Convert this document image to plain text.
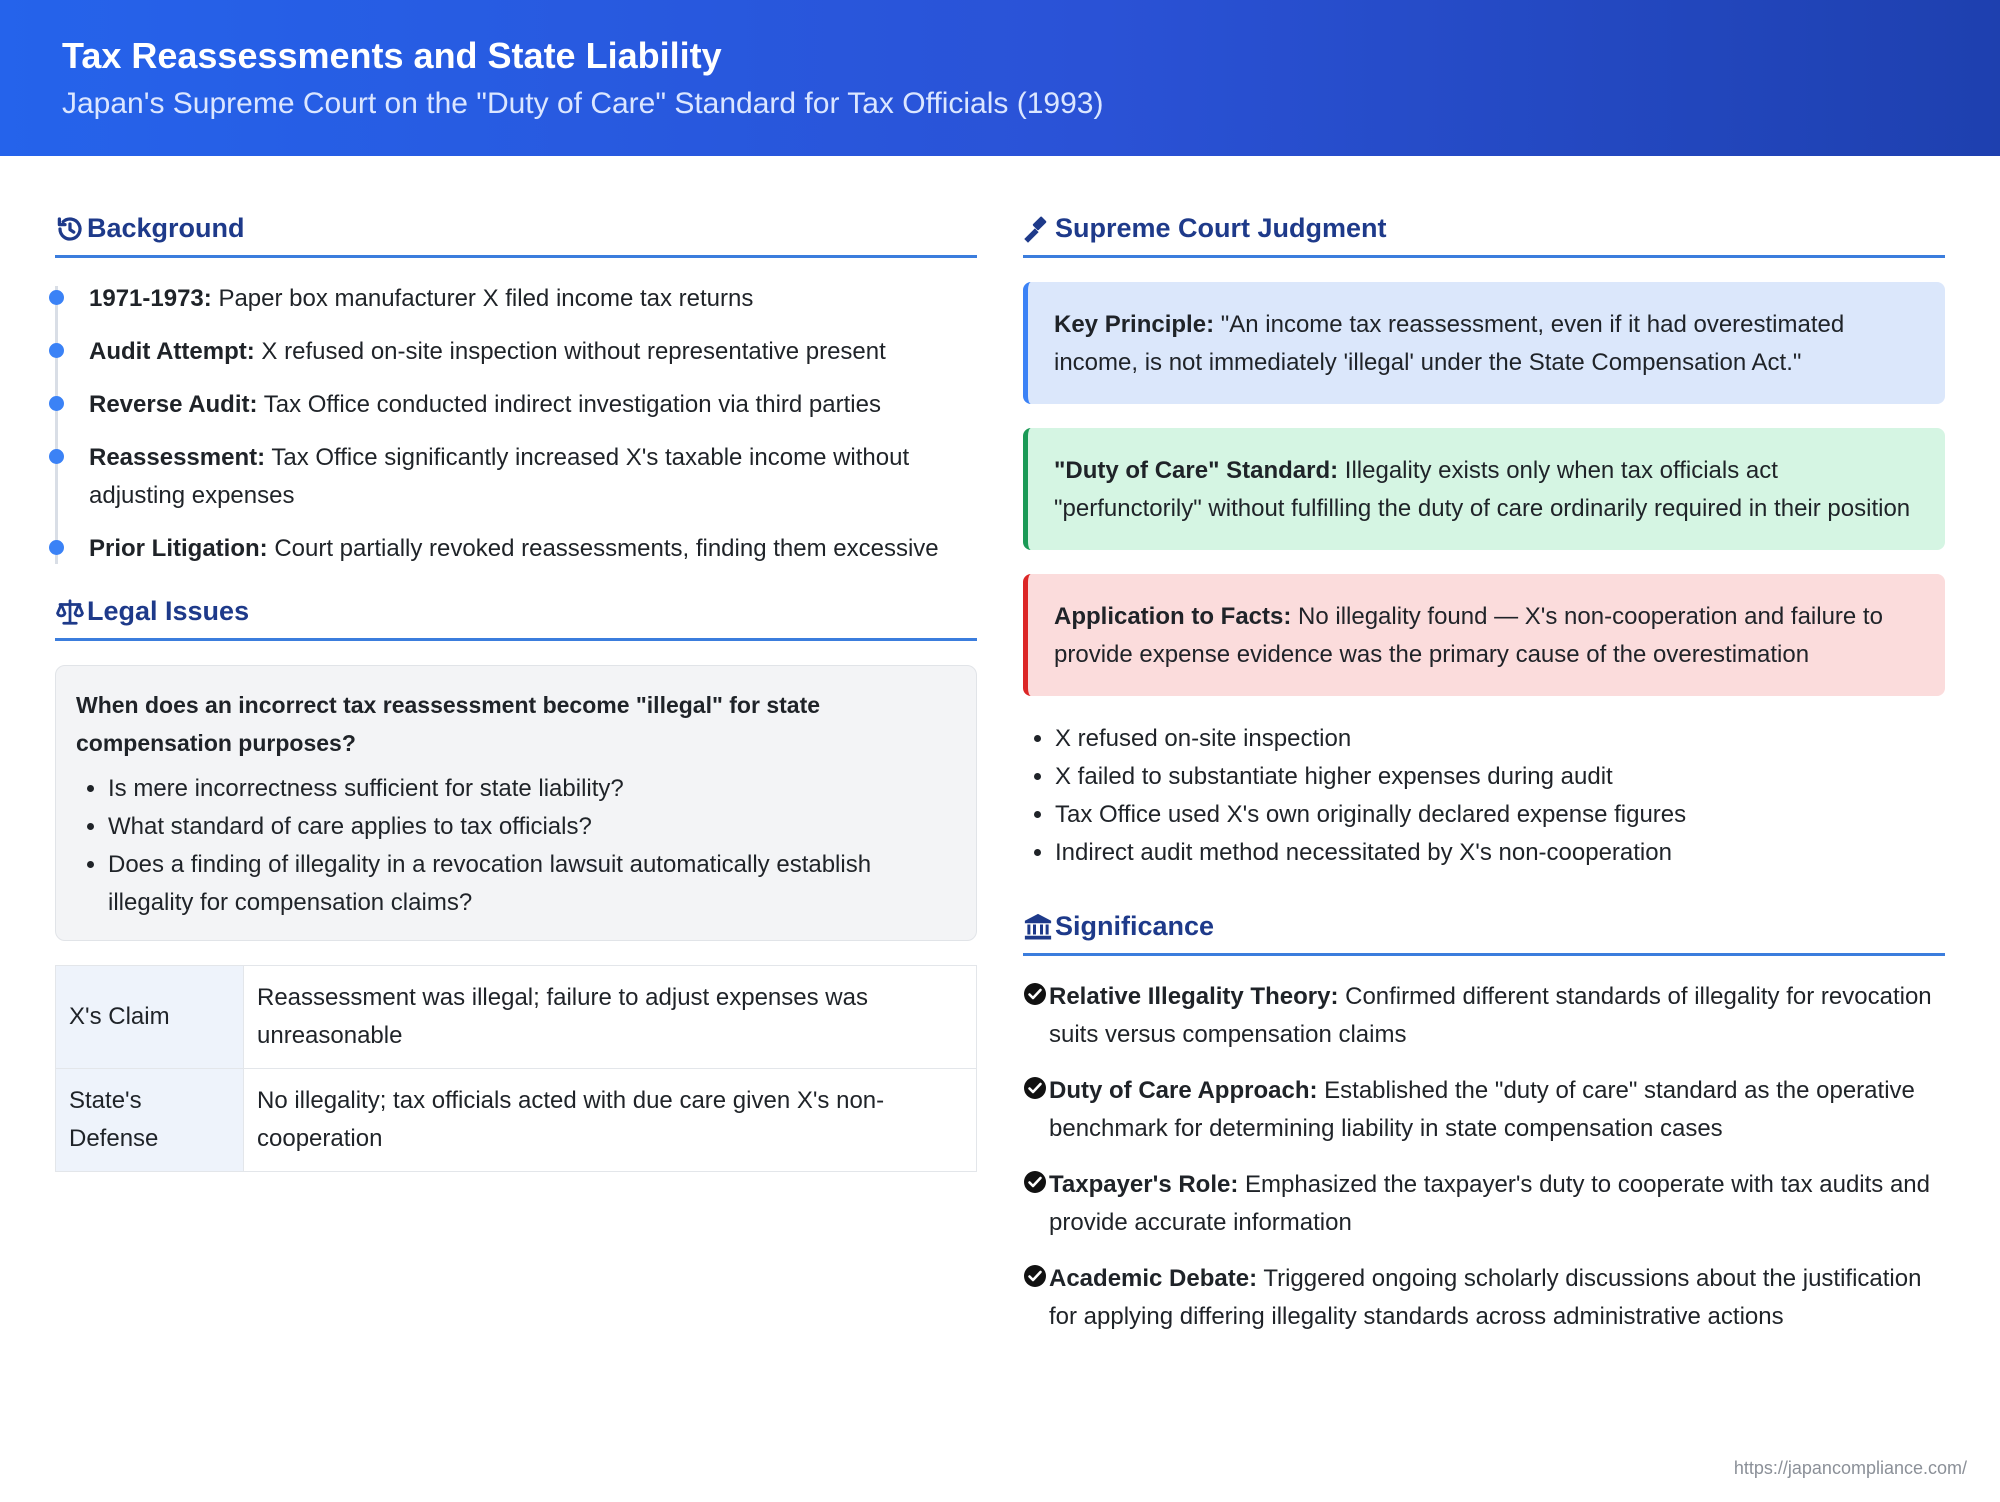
Tax Reassessments and State Liability
Japan's Supreme Court on the "Duty of Care" Standard for Tax Officials (1993)
Background
1971-1973: Paper box manufacturer X filed income tax returns
Audit Attempt: X refused on-site inspection without representative present
Reverse Audit: Tax Office conducted indirect investigation via third parties
Reassessment: Tax Office significantly increased X's taxable income without adjusting expenses
Prior Litigation: Court partially revoked reassessments, finding them excessive
Legal Issues
When does an incorrect tax reassessment become "illegal" for state compensation purposes?
• Is mere incorrectness sufficient for state liability?
• What standard of care applies to tax officials?
• Does a finding of illegality in a revocation lawsuit automatically establish illegality for compensation claims?
X's Claim	Reassessment was illegal; failure to adjust expenses was unreasonable
State's Defense	No illegality; tax officials acted with due care given X's non-cooperation
Supreme Court Judgment
Key Principle: "An income tax reassessment, even if it had overestimated income, is not immediately 'illegal' under the State Compensation Act."
"Duty of Care" Standard: Illegality exists only when tax officials act "perfunctorily" without fulfilling the duty of care ordinarily required in their position
Application to Facts: No illegality found — X's non-cooperation and failure to provide expense evidence was the primary cause of the overestimation
• X refused on-site inspection
• X failed to substantiate higher expenses during audit
• Tax Office used X's own originally declared expense figures
• Indirect audit method necessitated by X's non-cooperation
Significance
Relative Illegality Theory: Confirmed different standards of illegality for revocation suits versus compensation claims
Duty of Care Approach: Established the "duty of care" standard as the operative benchmark for determining liability in state compensation cases
Taxpayer's Role: Emphasized the taxpayer's duty to cooperate with tax audits and provide accurate information
Academic Debate: Triggered ongoing scholarly discussions about the justification for applying differing illegality standards across administrative actions
https://japancompliance.com/
